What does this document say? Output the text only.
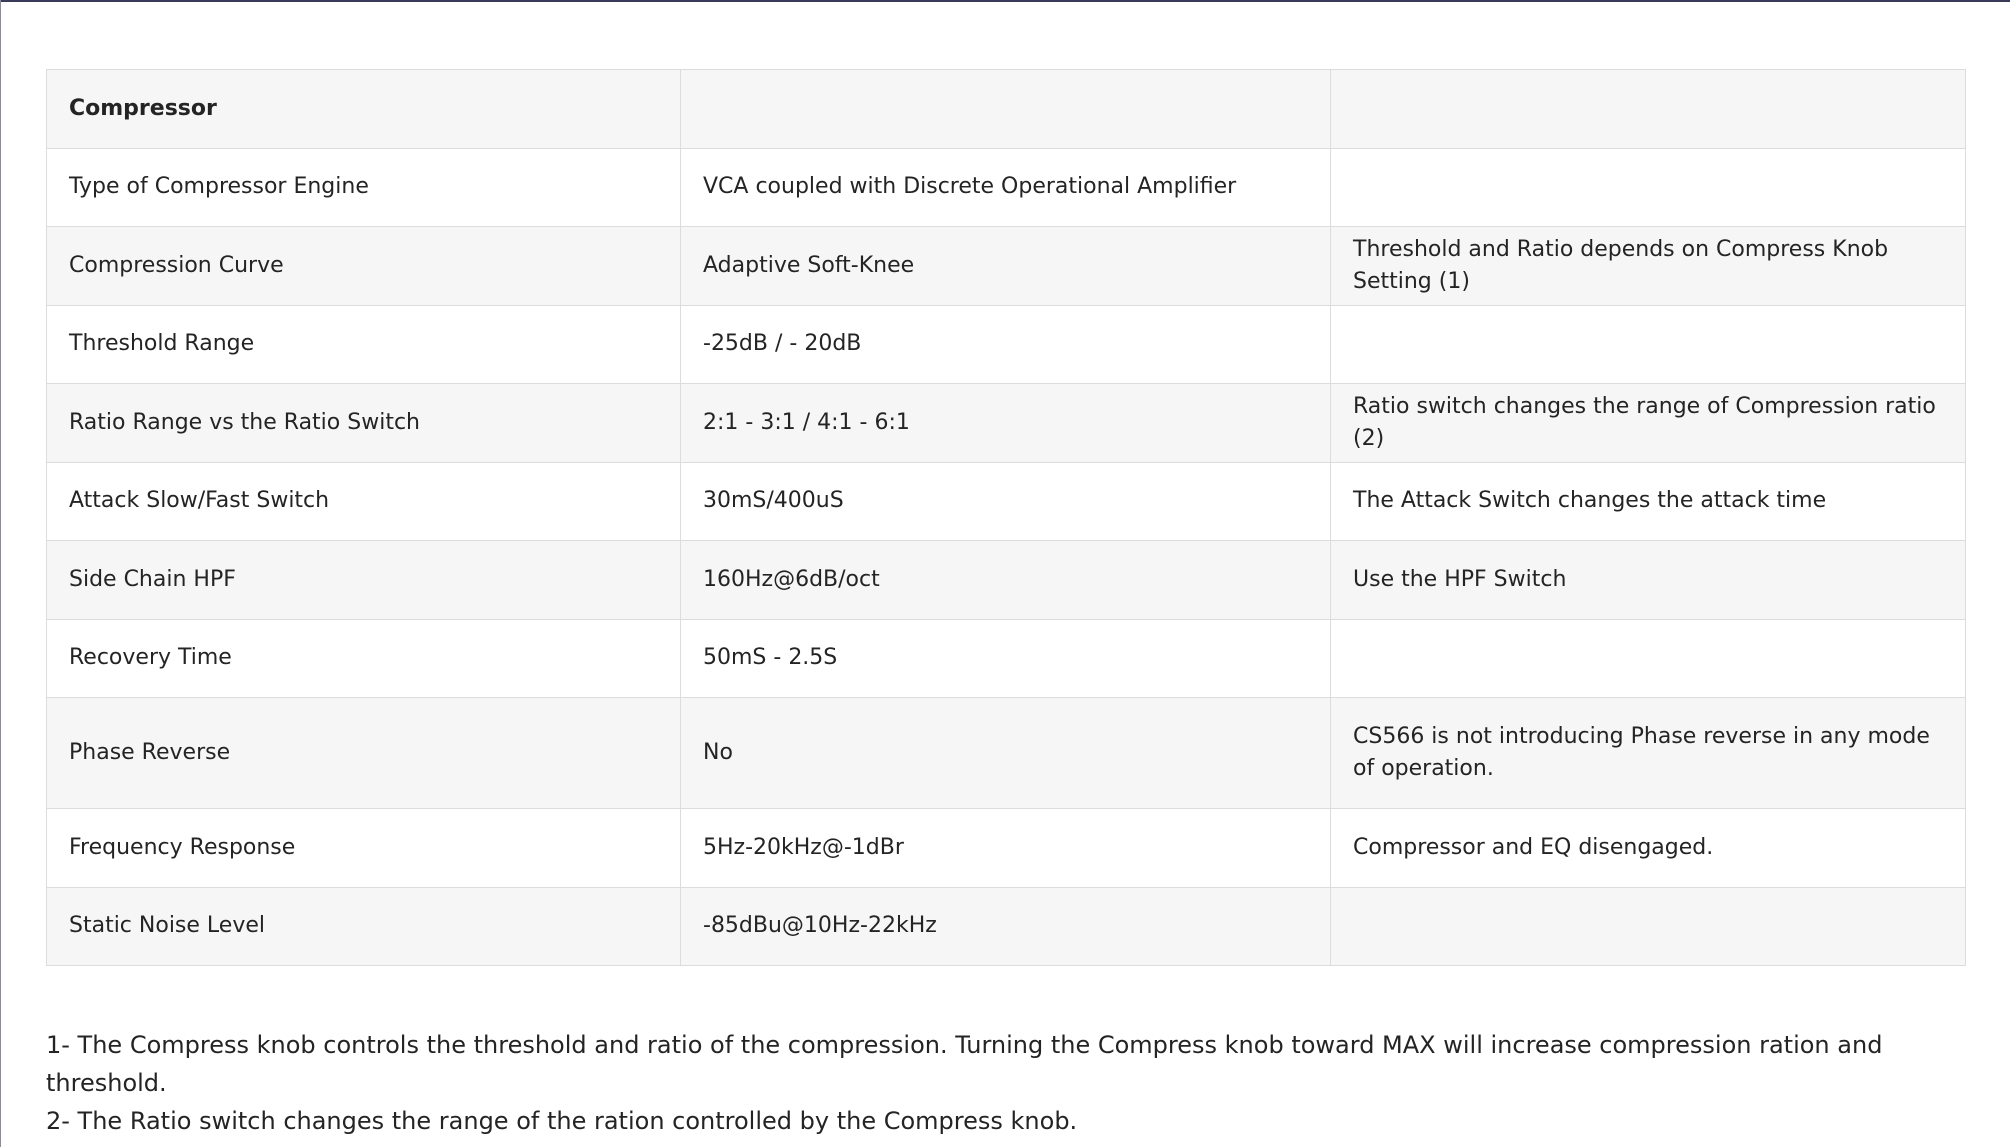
Compressor		
Type of Compressor Engine	VCA coupled with Discrete Operational Amplifier	
Compression Curve	Adaptive Soft-Knee	Threshold and Ratio depends on Compress Knob Setting (1)
Threshold Range	-25dB / - 20dB	
Ratio Range vs the Ratio Switch	2:1 - 3:1 / 4:1 - 6:1	Ratio switch changes the range of Compression ratio (2)
Attack Slow/Fast Switch	30mS/400uS	The Attack Switch changes the attack time
Side Chain HPF	160Hz@6dB/oct	Use the HPF Switch
Recovery Time	50mS - 2.5S	
Phase Reverse	No	CS566 is not introducing Phase reverse in any mode of operation.
Frequency Response	5Hz-20kHz@-1dBr	Compressor and EQ disengaged.
Static Noise Level	-85dBu@10Hz-22kHz	

1- The Compress knob controls the threshold and ratio of the compression. Turning the Compress knob toward MAX will increase compression ration and threshold.

2- The Ratio switch changes the range of the ration controlled by the Compress knob.
